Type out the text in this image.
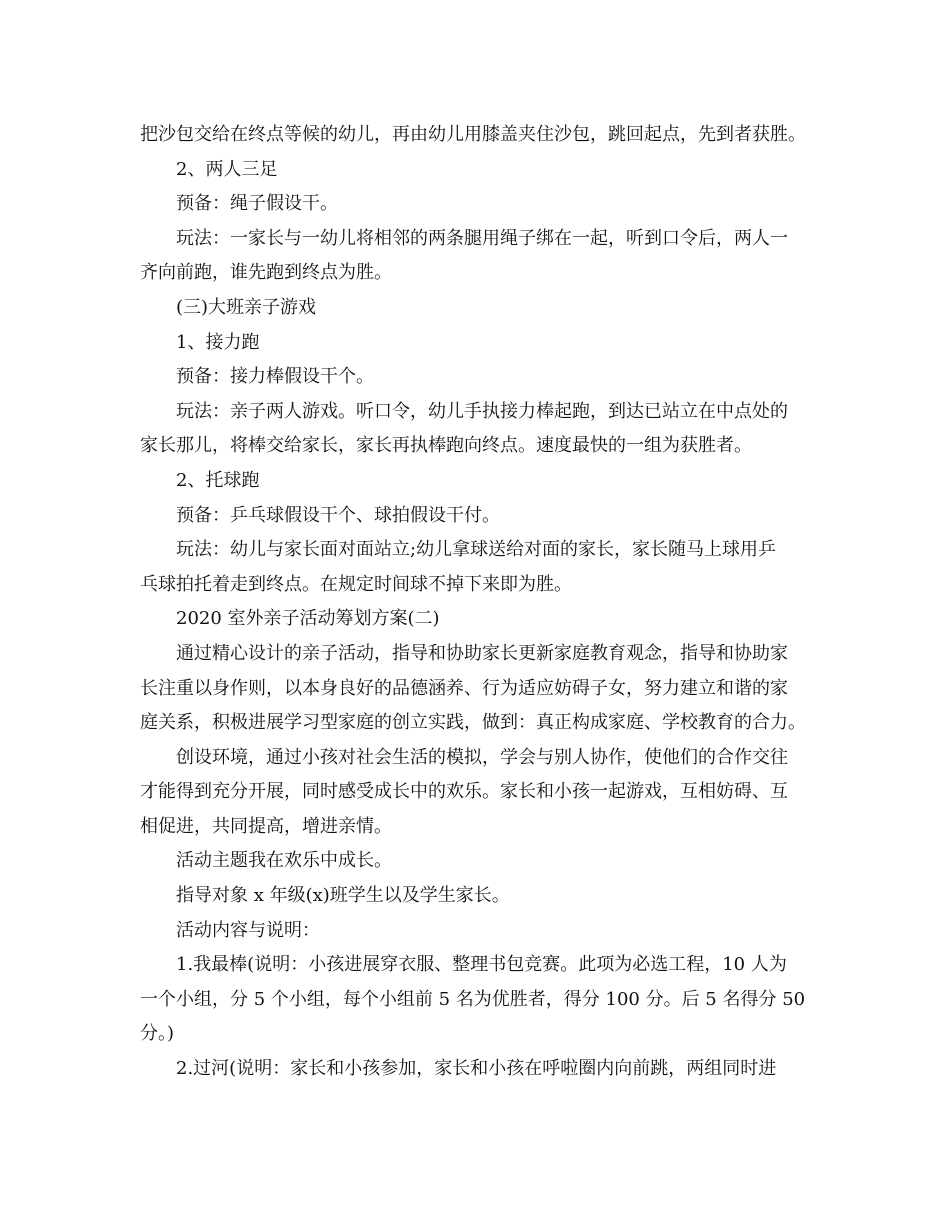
把沙包交给在终点等候的幼儿，再由幼儿用膝盖夹住沙包，跳回起点，先到者获胜。
2、两人三足
预备：绳子假设干。
玩法：一家长与一幼儿将相邻的两条腿用绳子绑在一起，听到口令后，两人一
齐向前跑，谁先跑到终点为胜。
(三)大班亲子游戏
1、接力跑
预备：接力棒假设干个。
玩法：亲子两人游戏。听口令，幼儿手执接力棒起跑，到达已站立在中点处的
家长那儿，将棒交给家长，家长再执棒跑向终点。速度最快的一组为获胜者。
2、托球跑
预备：乒乓球假设干个、球拍假设干付。
玩法：幼儿与家长面对面站立;幼儿拿球送给对面的家长，家长随马上球用乒
乓球拍托着走到终点。在规定时间球不掉下来即为胜。
2020 室外亲子活动筹划方案(二)
通过精心设计的亲子活动，指导和协助家长更新家庭教育观念，指导和协助家
长注重以身作则，以本身良好的品德涵养、行为适应妨碍子女，努力建立和谐的家
庭关系，积极进展学习型家庭的创立实践，做到：真正构成家庭、学校教育的合力。
创设环境，通过小孩对社会生活的模拟，学会与别人协作，使他们的合作交往
才能得到充分开展，同时感受成长中的欢乐。家长和小孩一起游戏，互相妨碍、互
相促进，共同提高，增进亲情。
活动主题我在欢乐中成长。
指导对象 x 年级(x)班学生以及学生家长。
活动内容与说明：
1.我最棒(说明：小孩进展穿衣服、整理书包竞赛。此项为必选工程，10 人为
一个小组，分 5 个小组，每个小组前 5 名为优胜者，得分 100 分。后 5 名得分 50
分。)
2.过河(说明：家长和小孩参加，家长和小孩在呼啦圈内向前跳，两组同时进
